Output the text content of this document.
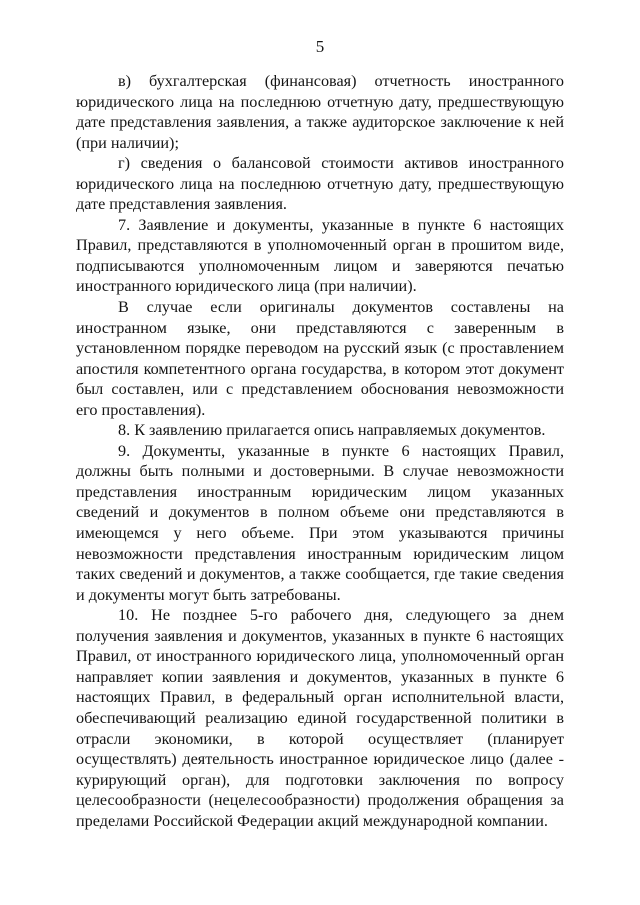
5

в) бухгалтерская (финансовая) отчетность иностранного юридического лица на последнюю отчетную дату, предшествующую дате представления заявления, а также аудиторское заключение к ней (при наличии);

г) сведения о балансовой стоимости активов иностранного юридического лица на последнюю отчетную дату, предшествующую дате представления заявления.

7. Заявление и документы, указанные в пункте 6 настоящих Правил, представляются в уполномоченный орган в прошитом виде, подписываются уполномоченным лицом и заверяются печатью иностранного юридического лица (при наличии).

В случае если оригиналы документов составлены на иностранном языке, они представляются с заверенным в установленном порядке переводом на русский язык (с проставлением апостиля компетентного органа государства, в котором этот документ был составлен, или с представлением обоснования невозможности его проставления).

8. К заявлению прилагается опись направляемых документов.

9. Документы, указанные в пункте 6 настоящих Правил, должны быть полными и достоверными. В случае невозможности представления иностранным юридическим лицом указанных сведений и документов в полном объеме они представляются в имеющемся у него объеме. При этом указываются причины невозможности представления иностранным юридическим лицом таких сведений и документов, а также сообщается, где такие сведения и документы могут быть затребованы.

10. Не позднее 5-го рабочего дня, следующего за днем получения заявления и документов, указанных в пункте 6 настоящих Правил, от иностранного юридического лица, уполномоченный орган направляет копии заявления и документов, указанных в пункте 6 настоящих Правил, в федеральный орган исполнительной власти, обеспечивающий реализацию единой государственной политики в отрасли экономики, в которой осуществляет (планирует осуществлять) деятельность иностранное юридическое лицо (далее - курирующий орган), для подготовки заключения по вопросу целесообразности (нецелесообразности) продолжения обращения за пределами Российской Федерации акций международной компании.
